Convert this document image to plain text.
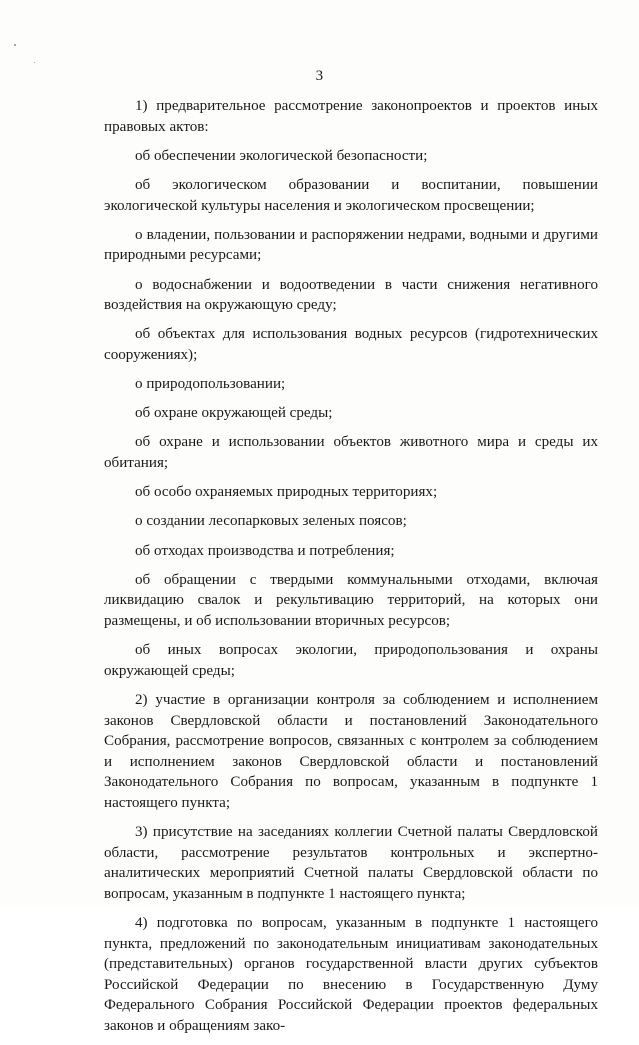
3

1) предварительное рассмотрение законопроектов и проектов иных правовых актов:

об обеспечении экологической безопасности;

об экологическом образовании и воспитании, повышении экологической культуры населения и экологическом просвещении;

о владении, пользовании и распоряжении недрами, водными и другими природными ресурсами;

о водоснабжении и водоотведении в части снижения негативного воздействия на окружающую среду;

об объектах для использования водных ресурсов (гидротехнических сооружениях);

о природопользовании;

об охране окружающей среды;

об охране и использовании объектов животного мира и среды их обитания;

об особо охраняемых природных территориях;

о создании лесопарковых зеленых поясов;

об отходах производства и потребления;

об обращении с твердыми коммунальными отходами, включая ликвидацию свалок и рекультивацию территорий, на которых они размещены, и об использовании вторичных ресурсов;

об иных вопросах экологии, природопользования и охраны окружающей среды;

2) участие в организации контроля за соблюдением и исполнением законов Свердловской области и постановлений Законодательного Собрания, рассмотрение вопросов, связанных с контролем за соблюдением и исполнением законов Свердловской области и постановлений Законодательного Собрания по вопросам, указанным в подпункте 1 настоящего пункта;

3) присутствие на заседаниях коллегии Счетной палаты Свердловской области, рассмотрение результатов контрольных и экспертно-аналитических мероприятий Счетной палаты Свердловской области по вопросам, указанным в подпункте 1 настоящего пункта;

4) подготовка по вопросам, указанным в подпункте 1 настоящего пункта, предложений по законодательным инициативам законодательных (представительных) органов государственной власти других субъектов Российской Федерации по внесению в Государственную Думу Федерального Собрания Российской Федерации проектов федеральных законов и обращениям зако-
